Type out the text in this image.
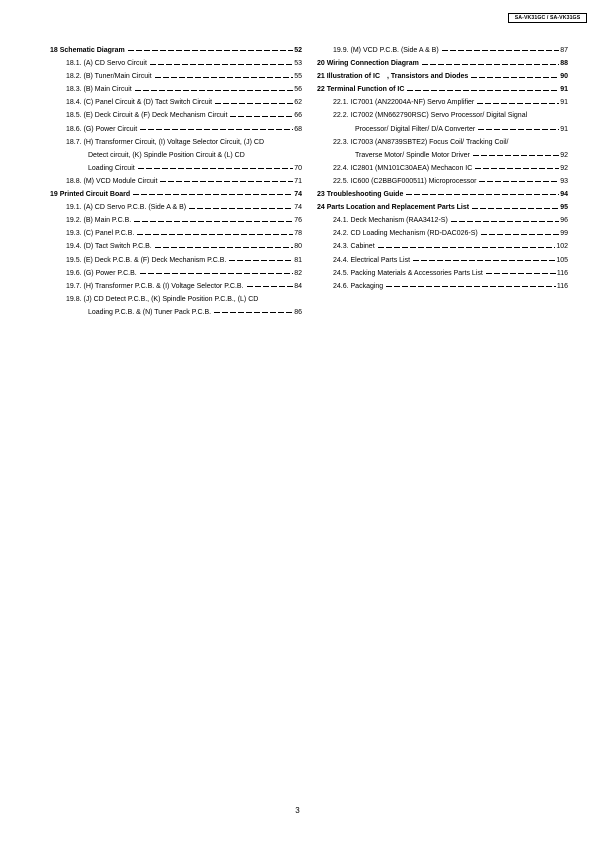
SA-VK31GC / SA-VK31GS
18 Schematic Diagram	52
18.1. (A) CD Servo Circuit	53
18.2. (B) Tuner/Main Circuit	55
18.3. (B) Main Circuit	56
18.4. (C) Panel Circuit & (D) Tact Switch Circuit	62
18.5. (E) Deck Circuit & (F) Deck Mechanism Circuit	66
18.6. (G) Power Circuit	68
18.7. (H) Transformer Circuit, (I) Voltage Selector Circuit, (J) CD
Detect circuit, (K) Spindle Position Circuit & (L) CD
Loading Circuit	70
18.8. (M) VCD Module Circuit	71
19 Printed Circuit Board	74
19.1. (A) CD Servo P.C.B. (Side A & B)	74
19.2. (B) Main P.C.B.	76
19.3. (C) Panel P.C.B.	78
19.4. (D) Tact Switch P.C.B.	80
19.5. (E) Deck P.C.B. & (F) Deck Mechanism P.C.B.	81
19.6. (G) Power P.C.B.	82
19.7. (H) Transformer P.C.B. & (I) Voltage Selector P.C.B.	84
19.8. (J) CD Detect P.C.B., (K) Spindle Position P.C.B., (L) CD
Loading P.C.B. & (N) Tuner Pack P.C.B.	86
19.9. (M) VCD P.C.B. (Side A & B)	87
20 Wiring Connection Diagram	88
21 Illustration of IC , Transistors and Diodes	90
22 Terminal Function of IC	91
22.1. IC7001 (AN22004A-NF) Servo Amplifier	91
22.2. IC7002 (MN662790RSC) Servo Processor/ Digital Signal
Processor/ Digital Filter/ D/A Converter	91
22.3. IC7003 (AN8739SBTE2) Focus Coil/ Tracking Coil/
Traverse Motor/ Spindle Motor Driver	92
22.4. IC2801 (MN101C30AEA) Mechacon IC	92
22.5. IC600 (C2BBGF000511) Microprocessor	93
23 Troubleshooting Guide	94
24 Parts Location and Replacement Parts List	95
24.1. Deck Mechanism (RAA3412-S)	96
24.2. CD Loading Mechanism (RD-DAC026-S)	99
24.3. Cabinet	102
24.4. Electrical Parts List	105
24.5. Packing Materials & Accessories Parts List	116
24.6. Packaging	116
3
